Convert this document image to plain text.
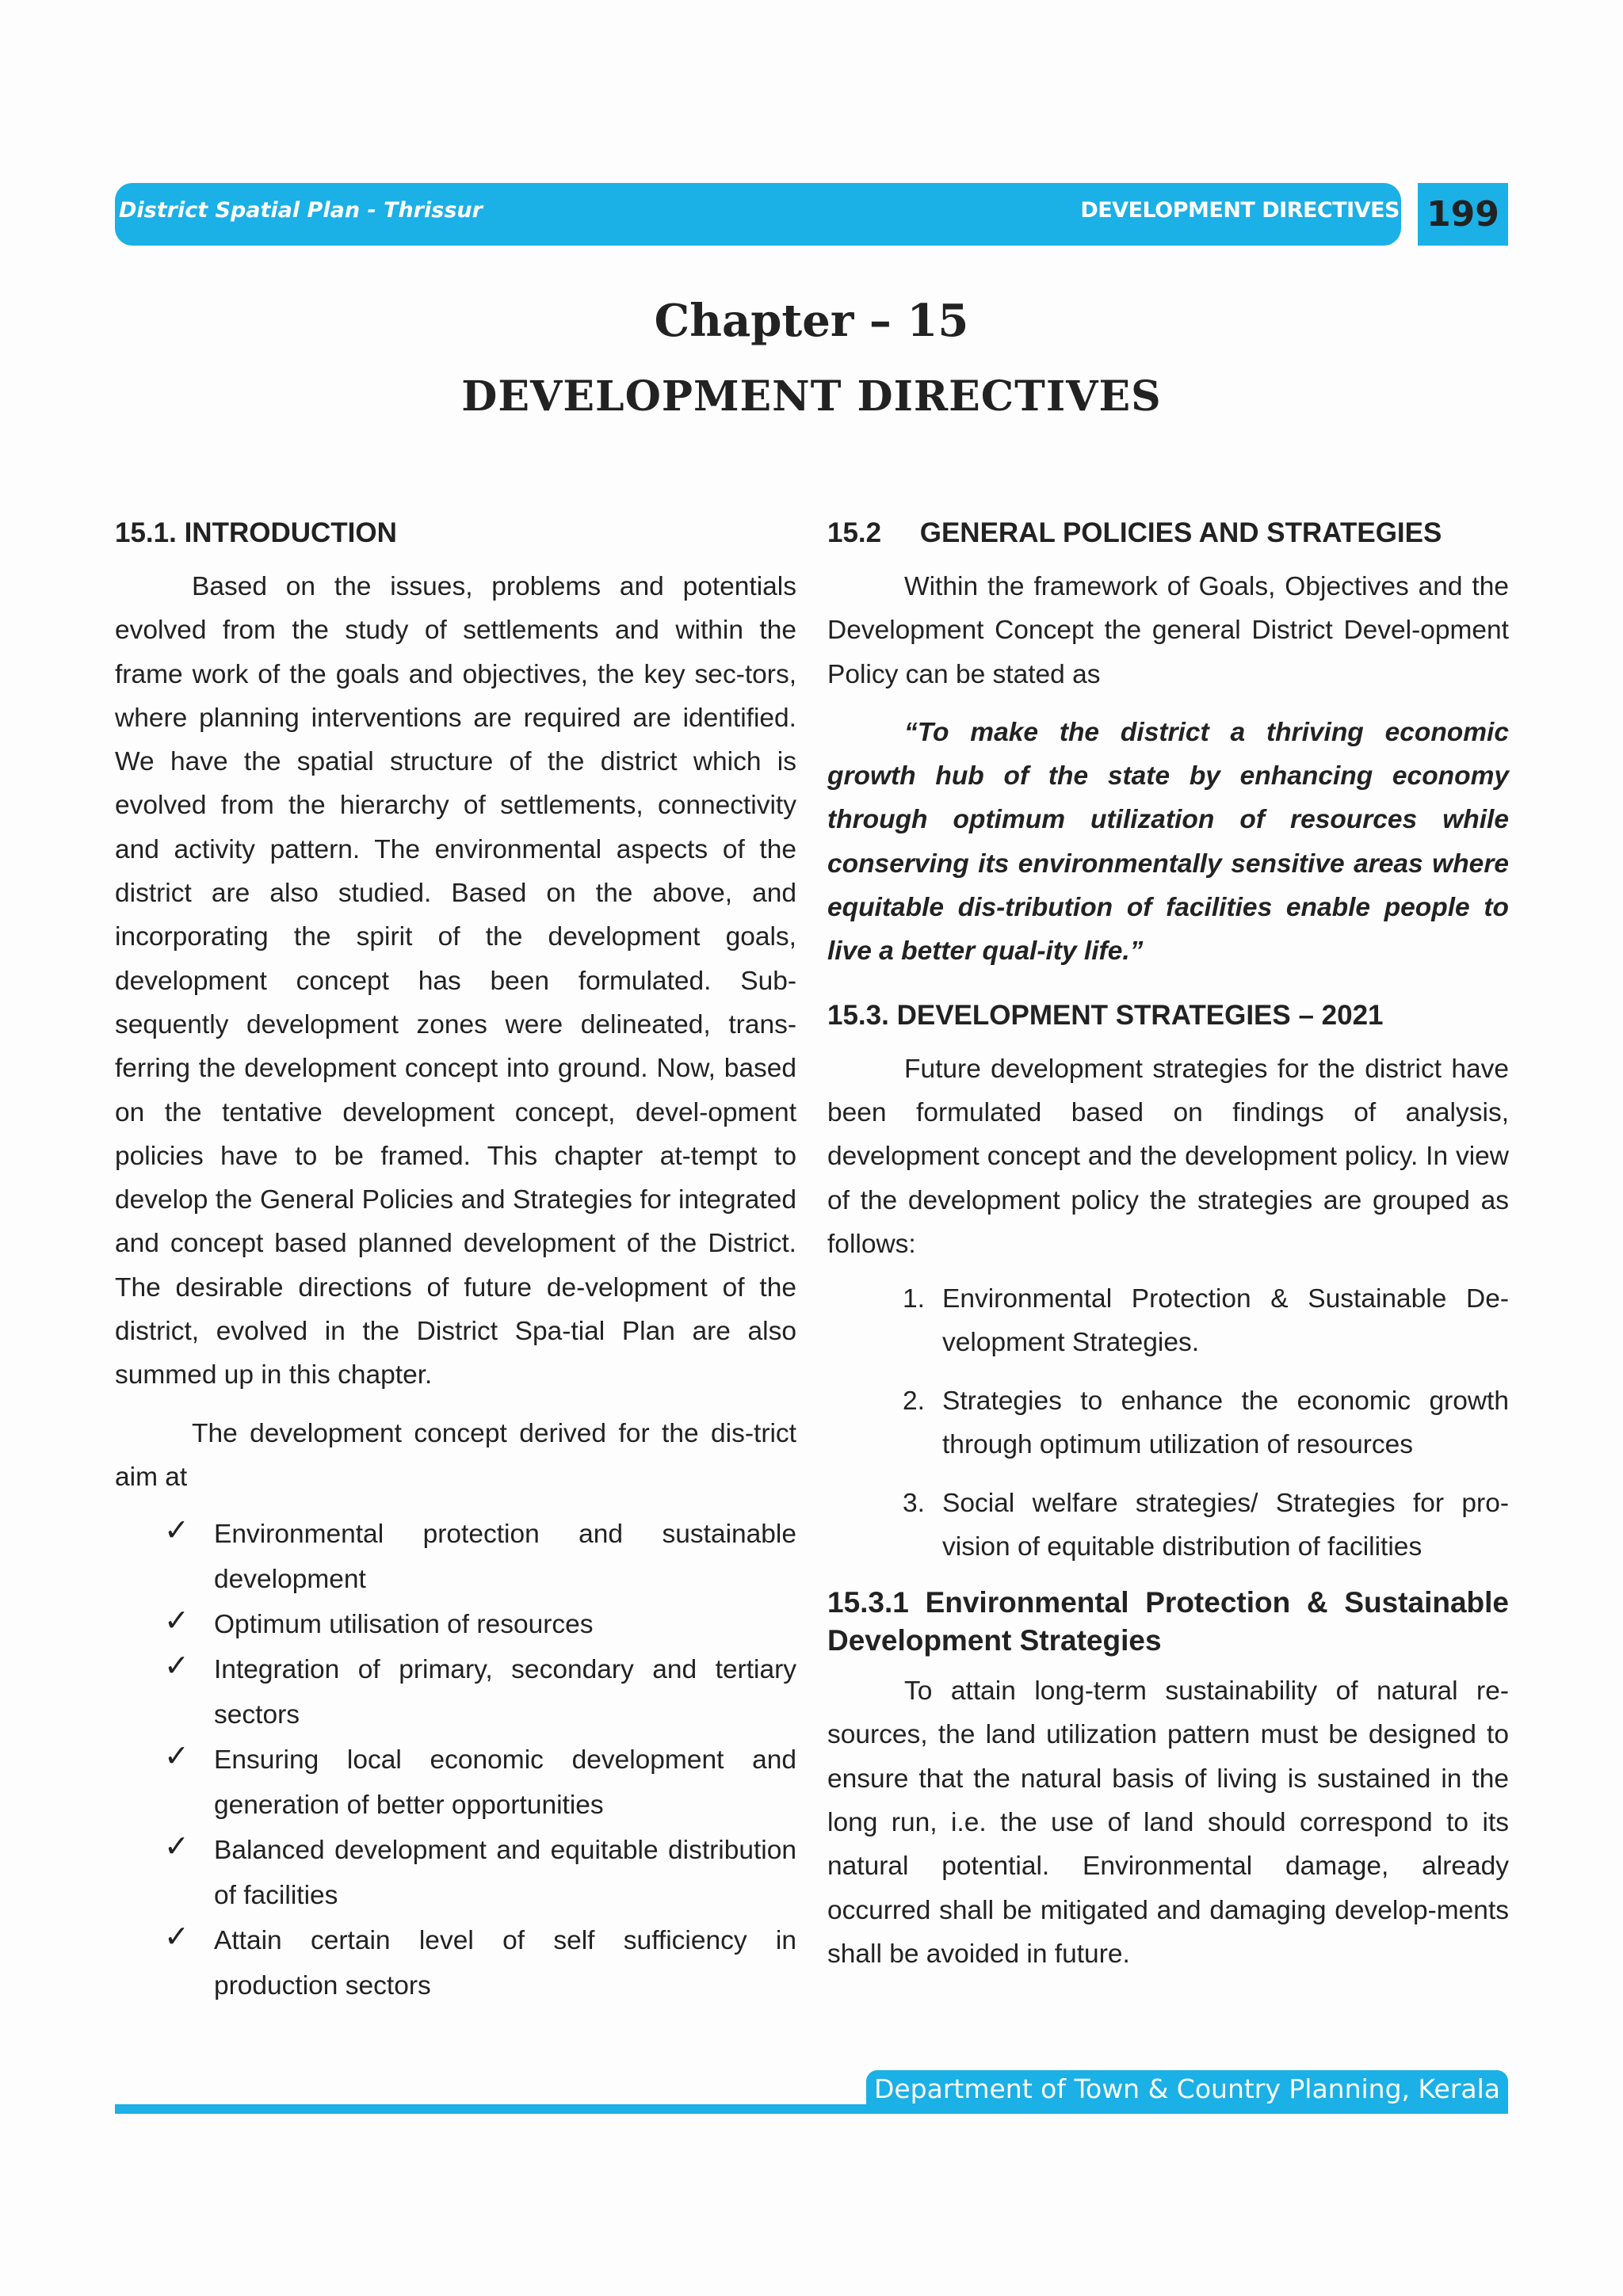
District Spatial Plan - Thrissur	DEVELOPMENT DIRECTIVES 199
Chapter – 15
DEVELOPMENT DIRECTIVES
15.1. INTRODUCTION

Based on the issues, problems and potentials evolved from the study of settlements and within the frame work of the goals and objectives, the key sec-tors, where planning interventions are required are identified. We have the spatial structure of the district which is evolved from the hierarchy of settlements, connectivity and activity pattern. The environmental aspects of the district are also studied. Based on the above, and incorporating the spirit of the development goals, development concept has been formulated. Sub-sequently development zones were delineated, trans-ferring the development concept into ground. Now, based on the tentative development concept, devel-opment policies have to be framed. This chapter at-tempt to develop the General Policies and Strategies for integrated and concept based planned development of the District. The desirable directions of future de-velopment of the district, evolved in the District Spa-tial Plan are also summed up in this chapter.

The development concept derived for the dis-trict aim at

✓ Environmental protection and sustainable development
✓ Optimum utilisation of resources
✓ Integration of primary, secondary and tertiary sectors
✓ Ensuring local economic development and generation of better opportunities
✓ Balanced development and equitable distribution of facilities
✓ Attain certain level of self sufficiency in production sectors
15.2     GENERAL POLICIES AND STRATEGIES

Within the framework of Goals, Objectives and the Development Concept the general District Devel-opment Policy can be stated as

“To make the district a thriving economic growth hub of the state by enhancing economy through optimum utilization of resources while conserving its environmentally sensitive areas where equitable dis-tribution of facilities enable people to live a better qual-ity life.”

15.3. DEVELOPMENT STRATEGIES – 2021

Future development strategies for the district have been formulated based on findings of analysis, development concept and the development policy. In view of the development policy the strategies are grouped as follows:

1. Environmental Protection & Sustainable De-velopment Strategies.
2. Strategies to enhance the economic growth through optimum utilization of resources
3. Social welfare strategies/ Strategies for pro-vision of equitable distribution of facilities
15.3.1 Environmental Protection & Sustainable Development Strategies

To attain long-term sustainability of natural re-sources, the land utilization pattern must be designed to ensure that the natural basis of living is sustained in the long run, i.e. the use of land should correspond to its natural potential. Environmental damage, already occurred shall be mitigated and damaging develop-ments shall be avoided in future.

Department of Town & Country Planning, Kerala
